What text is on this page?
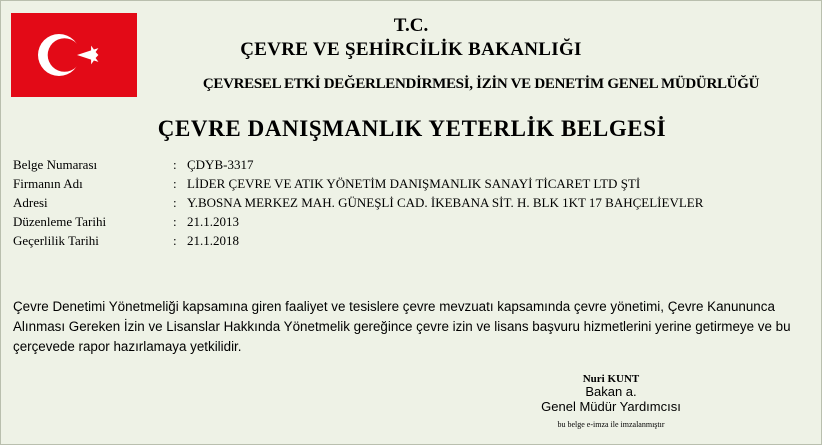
T.C.
ÇEVRE VE ŞEHİRCİLİK BAKANLIĞI
ÇEVRESEL ETKİ DEĞERLENDİRMESİ, İZİN VE DENETİM GENEL MÜDÜRLÜĞÜ
ÇEVRE DANIŞMANLIK YETERLİK BELGESİ
Belge Numarası	: ÇDYB-3317
Firmanın Adı	: LİDER ÇEVRE VE ATIK YÖNETİM DANIŞMANLIK SANAYİ TİCARET LTD ŞTİ
Adresi	: Y.BOSNA MERKEZ MAH. GÜNEŞLİ CAD. İKEBANA SİT. H. BLK 1KT 17 BAHÇELİEVLER
Düzenleme Tarihi	: 21.1.2013
Geçerlilik Tarihi	: 21.1.2018
Çevre Denetimi Yönetmeliği kapsamına giren faaliyet ve tesislere çevre mevzuatı kapsamında çevre yönetimi, Çevre Kanununca Alınması Gereken İzin ve Lisanslar Hakkında Yönetmelik gereğince çevre izin ve lisans başvuru hizmetlerini yerine getirmeye ve bu çerçevede rapor hazırlamaya yetkilidir.
Nuri KUNT
Bakan a.
Genel Müdür Yardımcısı
bu belge e-imza ile imzalanmıştır
